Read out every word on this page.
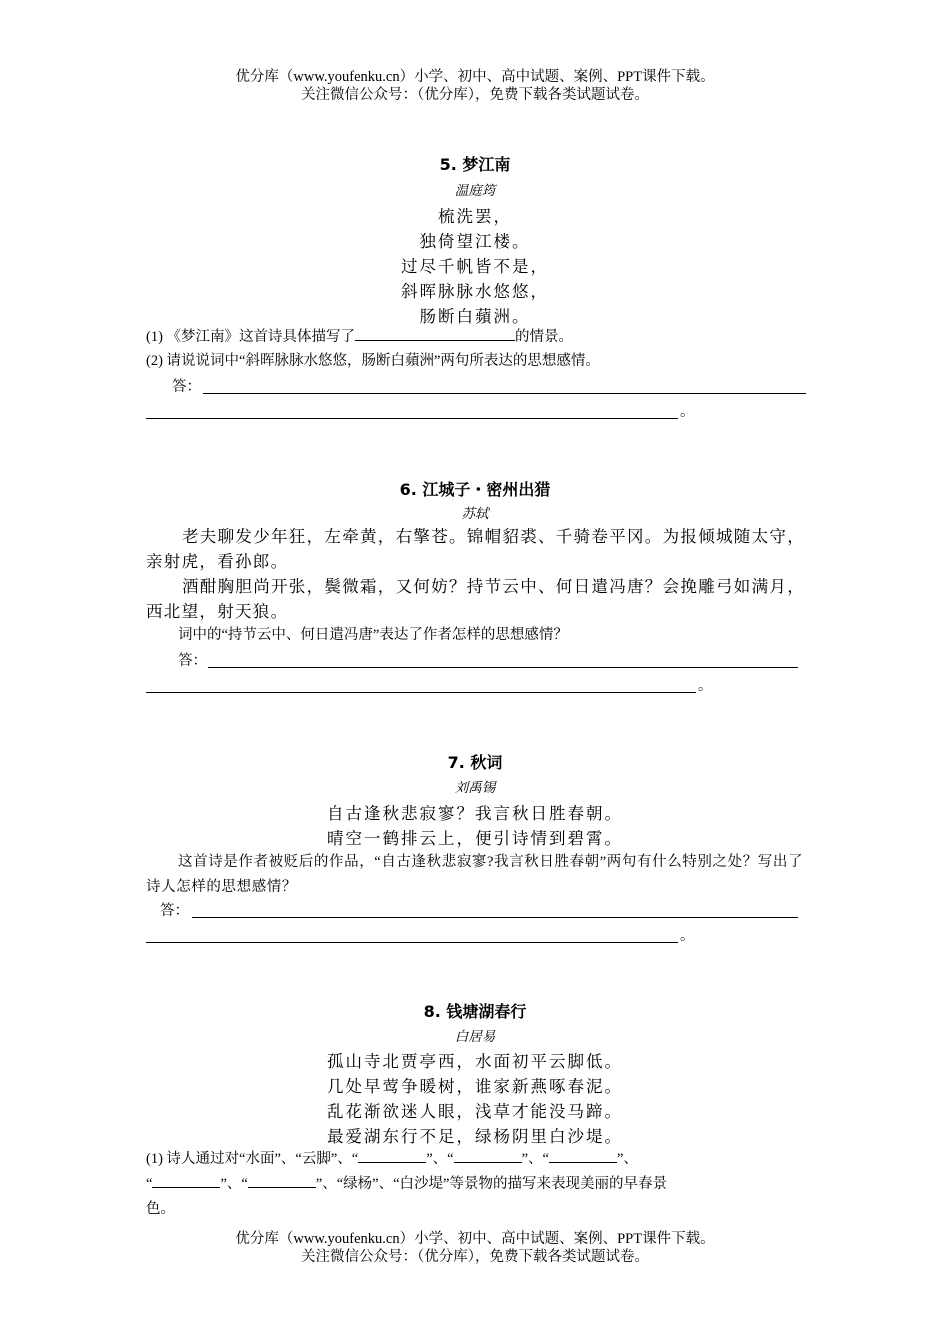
优分库（www.youfenku.cn）小学、初中、高中试题、案例、PPT课件下载。
关注微信公众号：（优分库），免费下载各类试题试卷。
5. 梦江南
温庭筠
梳洗罢，
独倚望江楼。
过尽千帆皆不是，
斜晖脉脉水悠悠，
肠断白蘋洲。
(1) 《梦江南》这首诗具体描写了	的情景。
(2) 请说说词中“斜晖脉脉水悠悠，肠断白蘋洲”两句所表达的思想感情。
答：
。
6. 江城子・密州出猎
苏轼
老夫聊发少年狂，左牵黄，右擎苍。锦帽貂裘、千骑卷平冈。为报倾城随太守，亲射虎，看孙郎。
酒酣胸胆尚开张，鬓微霜，又何妨？持节云中、何日遣冯唐？会挽雕弓如满月，西北望，射天狼。
词中的“持节云中、何日遣冯唐”表达了作者怎样的思想感情？
答：
。
7. 秋词
刘禹锡
自古逢秋悲寂寥？我言秋日胜春朝。
晴空一鹤排云上，便引诗情到碧霄。
这首诗是作者被贬后的作品，“自古逢秋悲寂寥?我言秋日胜春朝”两句有什么特别之处？写出了诗人怎样的思想感情？
答：
。
8. 钱塘湖春行
白居易
孤山寺北贾亭西，水面初平云脚低。
几处早莺争暖树，谁家新燕啄春泥。
乱花渐欲迷人眼，浅草才能没马蹄。
最爱湖东行不足，绿杨阴里白沙堤。
(1) 诗人通过对“水面”、“云脚”、“	”、“	”、“	”、
“	”、“	”、“绿杨”、“白沙堤”等景物的描写来表现美丽的早春景
色。
优分库（www.youfenku.cn）小学、初中、高中试题、案例、PPT课件下载。
关注微信公众号：（优分库），免费下载各类试题试卷。
